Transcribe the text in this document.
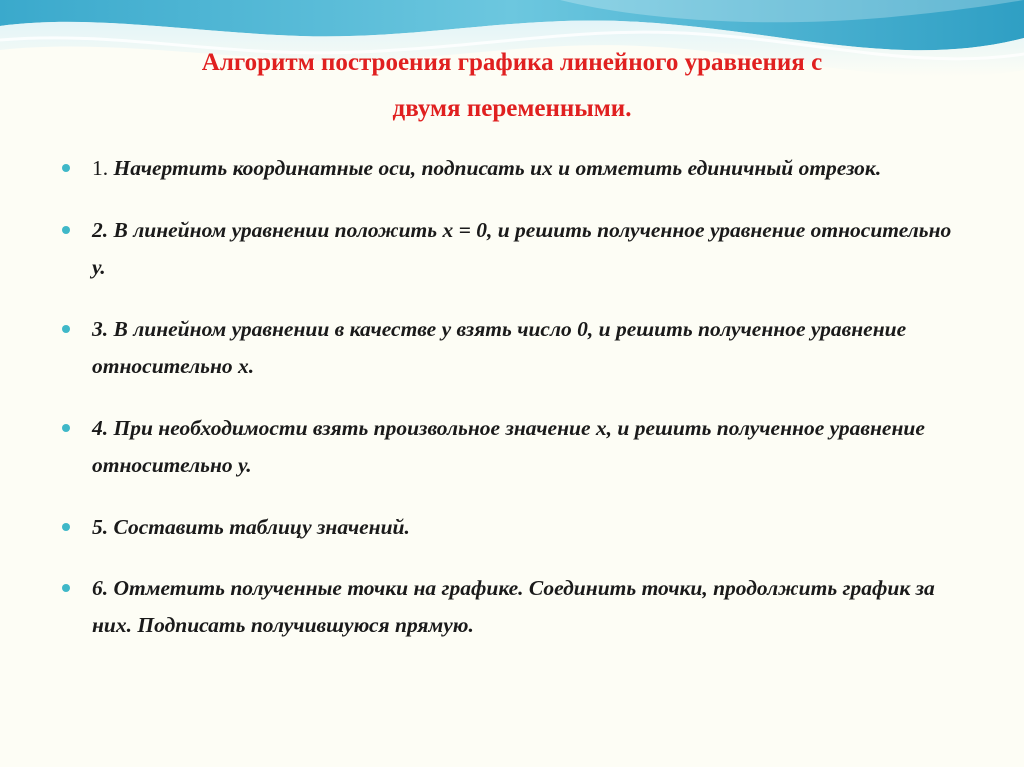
Алгоритм построения графика линейного уравнения с
двумя переменными.
1. Начертить координатные оси, подписать их и отметить единичный отрезок.
2. В линейном уравнении положить x = 0, и решить полученное уравнение относительно у.
3. В линейном уравнении в качестве у взять число 0, и решить полученное уравнение относительно х.
4. При необходимости взять произвольное значение х, и решить полученное уравнение относительно у.
5. Составить таблицу значений.
6. Отметить полученные точки на графике. Соединить точки, продолжить график за них. Подписать получившуюся прямую.
